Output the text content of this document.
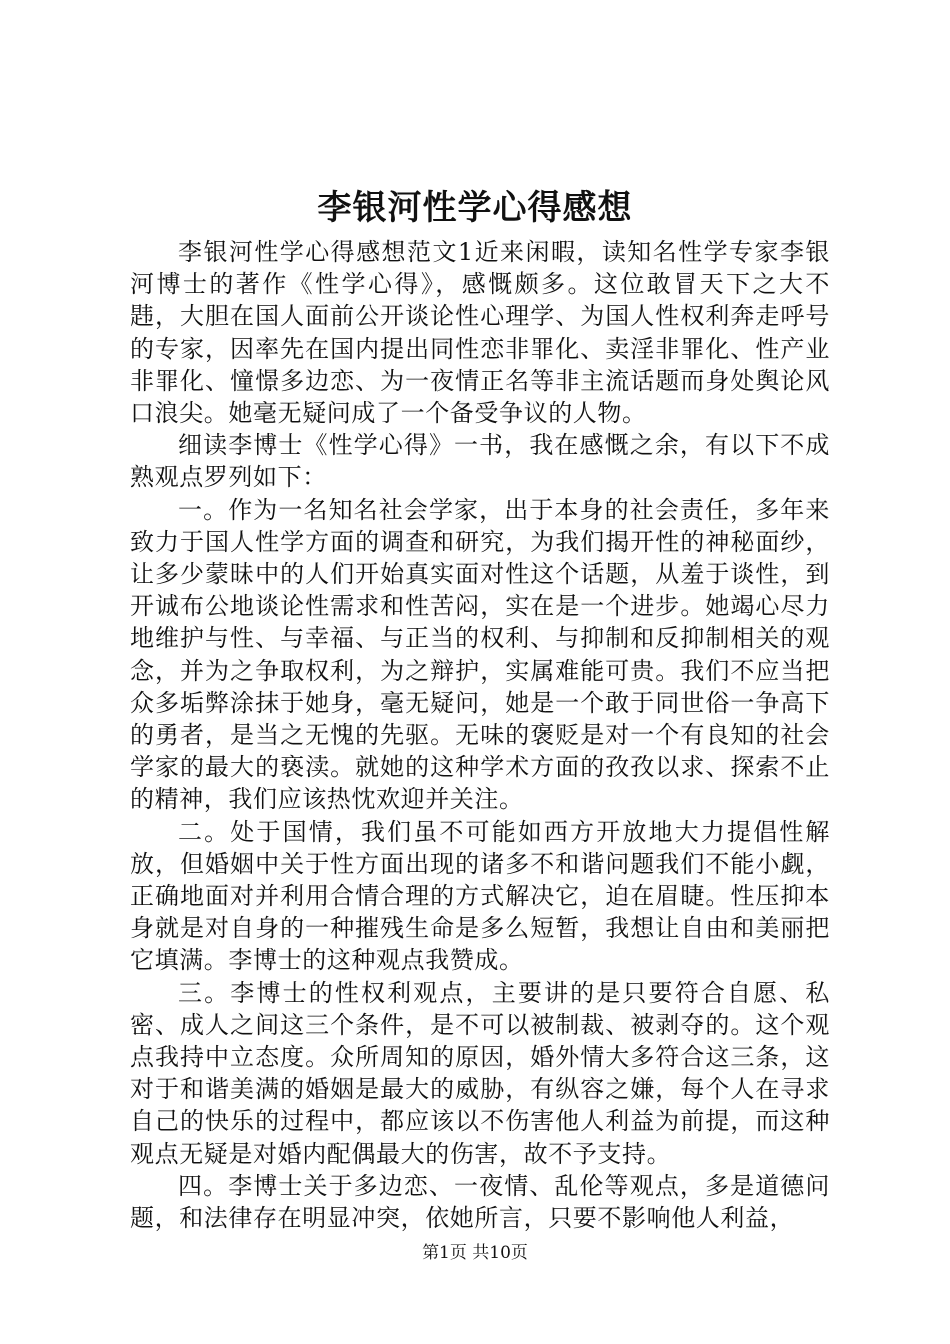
李银河性学心得感想

李银河性学心得感想范文1近来闲暇，读知名性学专家李银河博士的著作《性学心得》，感慨颇多。这位敢冒天下之大不韪，大胆在国人面前公开谈论性心理学、为国人性权利奔走呼号的专家，因率先在国内提出同性恋非罪化、卖淫非罪化、性产业非罪化、憧憬多边恋、为一夜情正名等非主流话题而身处舆论风口浪尖。她毫无疑问成了一个备受争议的人物。

细读李博士《性学心得》一书，我在感慨之余，有以下不成熟观点罗列如下：

一。作为一名知名社会学家，出于本身的社会责任，多年来致力于国人性学方面的调查和研究，为我们揭开性的神秘面纱，让多少蒙昧中的人们开始真实面对性这个话题，从羞于谈性，到开诚布公地谈论性需求和性苦闷，实在是一个进步。她竭心尽力地维护与性、与幸福、与正当的权利、与抑制和反抑制相关的观念，并为之争取权利，为之辩护，实属难能可贵。我们不应当把众多垢弊涂抹于她身，毫无疑问，她是一个敢于同世俗一争高下的勇者，是当之无愧的先驱。无味的褒贬是对一个有良知的社会学家的最大的亵渎。就她的这种学术方面的孜孜以求、探索不止的精神，我们应该热忱欢迎并关注。

二。处于国情，我们虽不可能如西方开放地大力提倡性解放，但婚姻中关于性方面出现的诸多不和谐问题我们不能小觑，正确地面对并利用合情合理的方式解决它，迫在眉睫。性压抑本身就是对自身的一种摧残生命是多么短暂，我想让自由和美丽把它填满。李博士的这种观点我赞成。

三。李博士的性权利观点，主要讲的是只要符合自愿、私密、成人之间这三个条件，是不可以被制裁、被剥夺的。这个观点我持中立态度。众所周知的原因，婚外情大多符合这三条，这对于和谐美满的婚姻是最大的威胁，有纵容之嫌，每个人在寻求自己的快乐的过程中，都应该以不伤害他人利益为前提，而这种观点无疑是对婚内配偶最大的伤害，故不予支持。

四。李博士关于多边恋、一夜情、乱伦等观点，多是道德问题，和法律存在明显冲突，依她所言，只要不影响他人利益，

第1页 共10页
